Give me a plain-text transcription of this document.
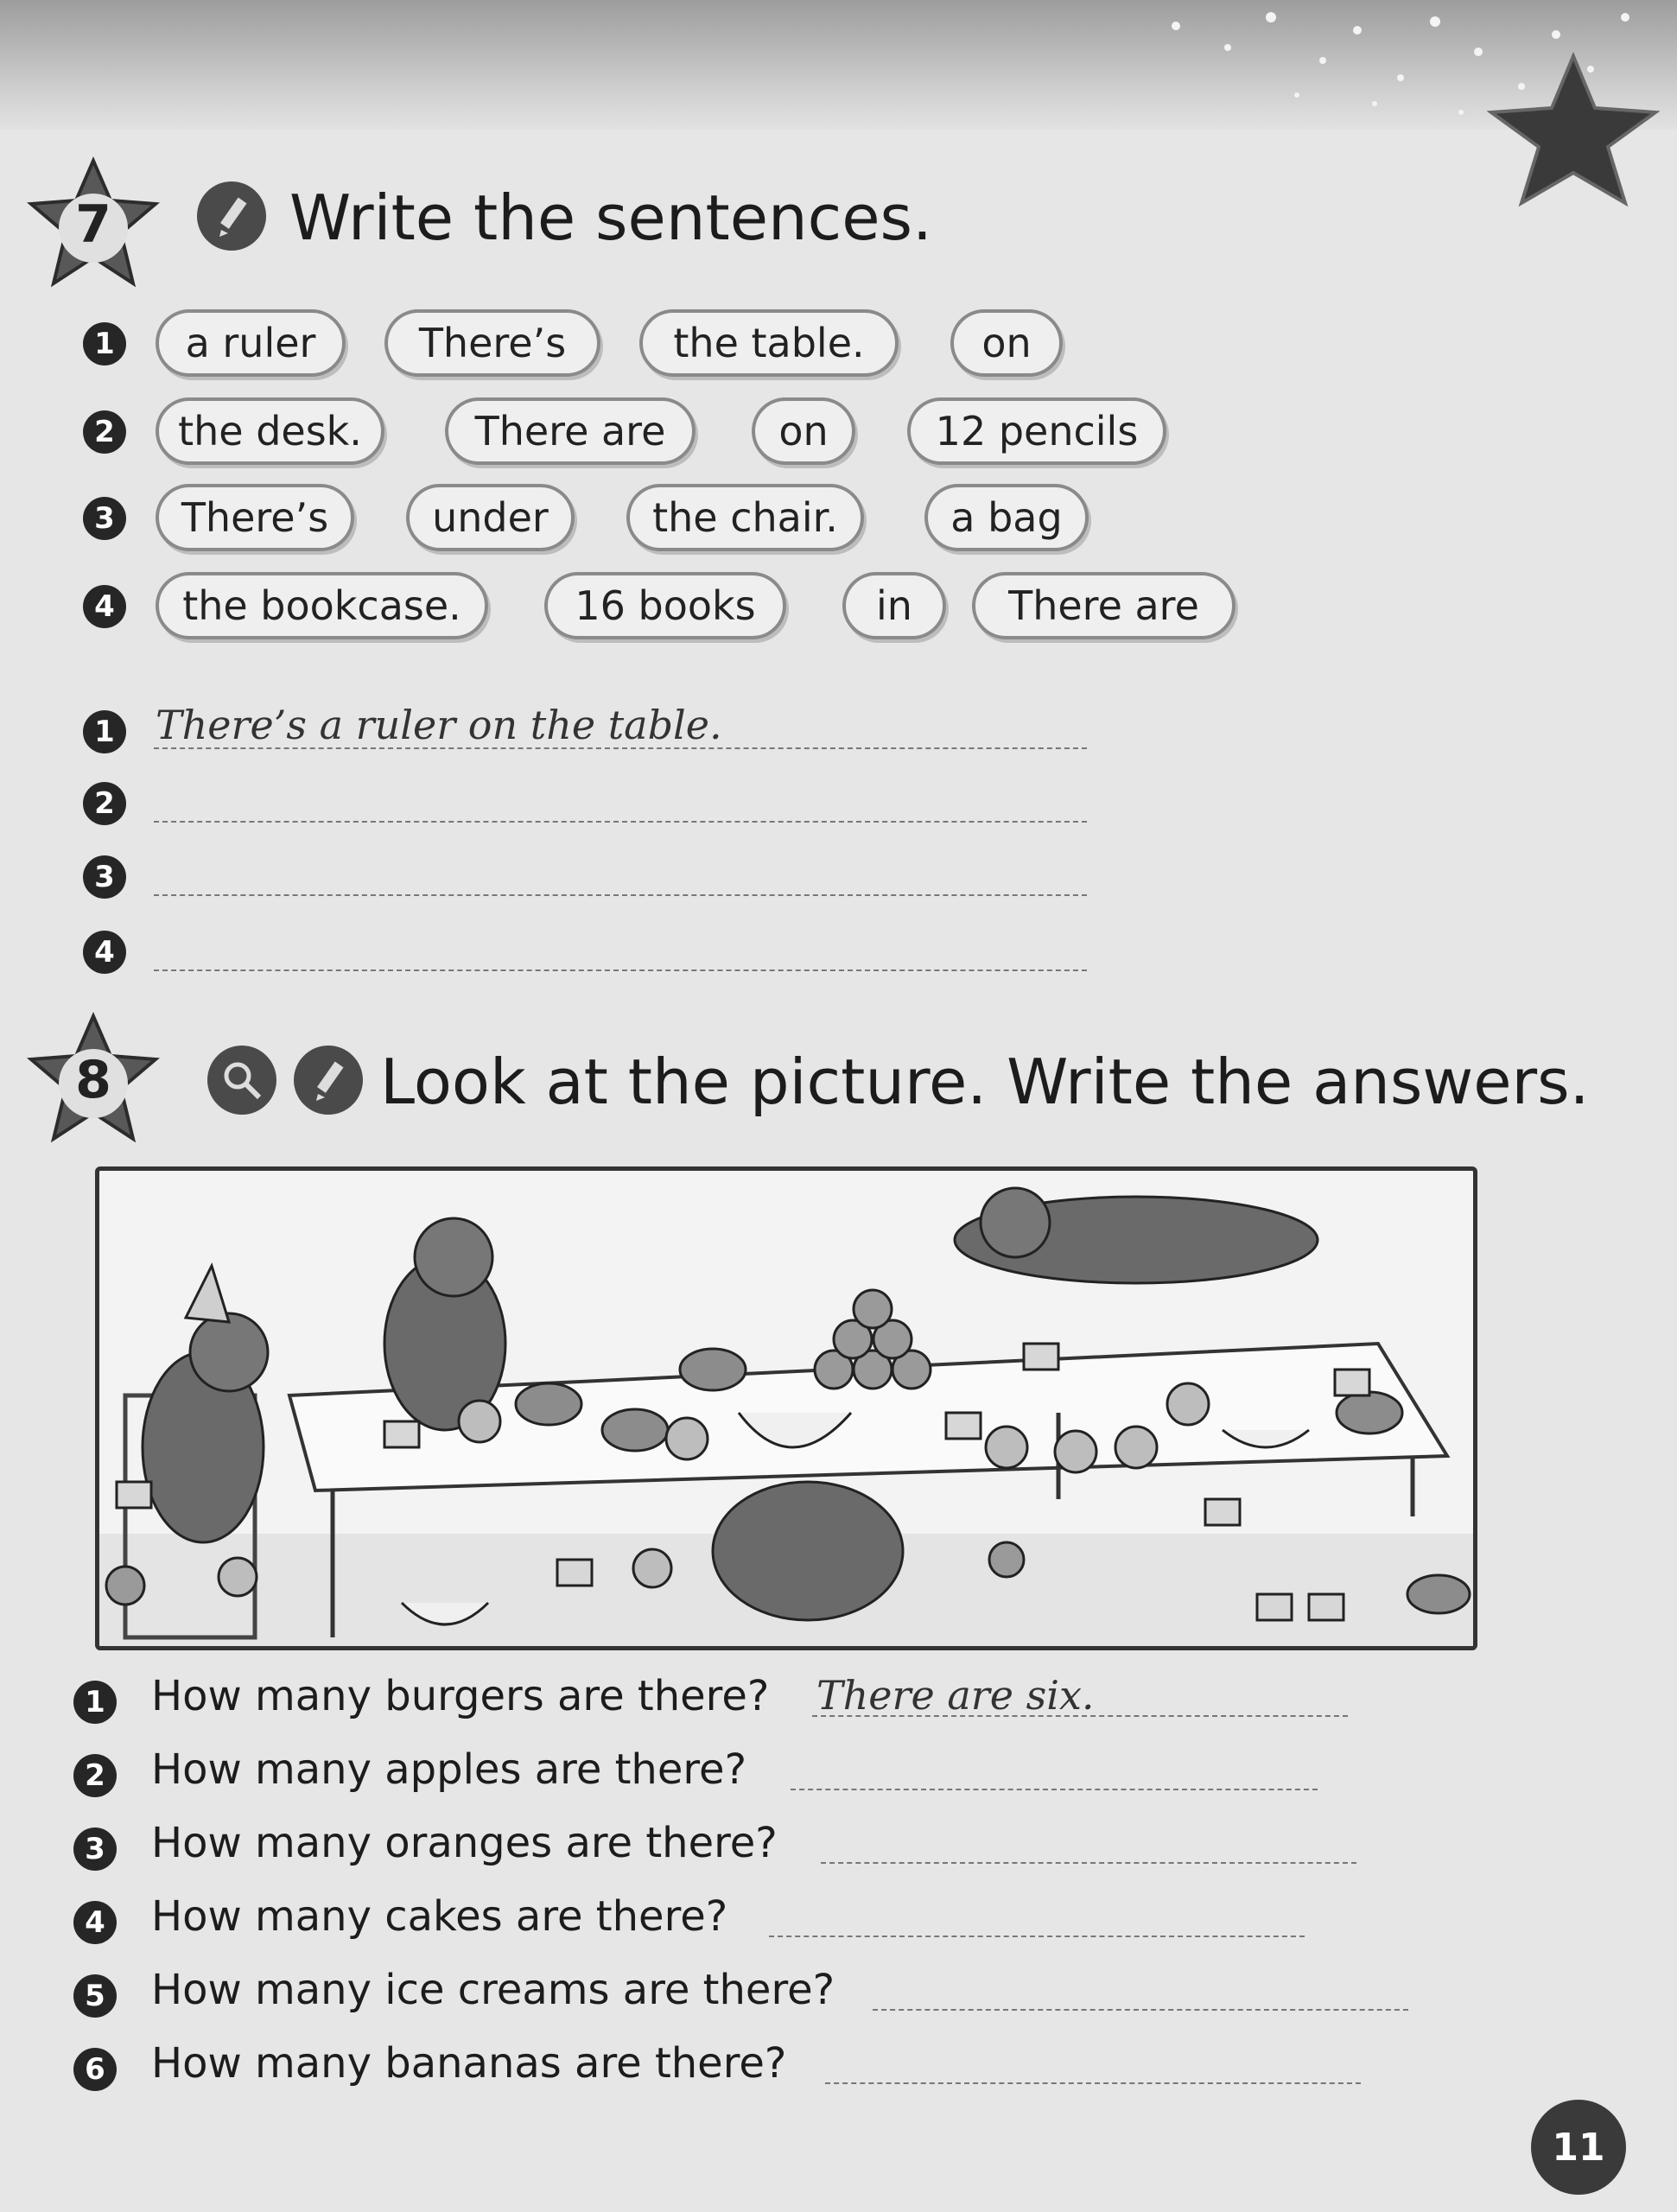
7	Write the sentences.
1	a ruler	There’s	the table.	on
2	the desk.	There are	on	12 pencils
3	There’s	under	the chair.	a bag
4	the bookcase.	16 books	in	There are
1 There’s a ruler on the table.
2
3
4
8	Look at the picture. Write the answers.
1 How many burgers are there? There are six.
2 How many apples are there?
3 How many oranges are there?
4 How many cakes are there?
5 How many ice creams are there?
6 How many bananas are there?
11
